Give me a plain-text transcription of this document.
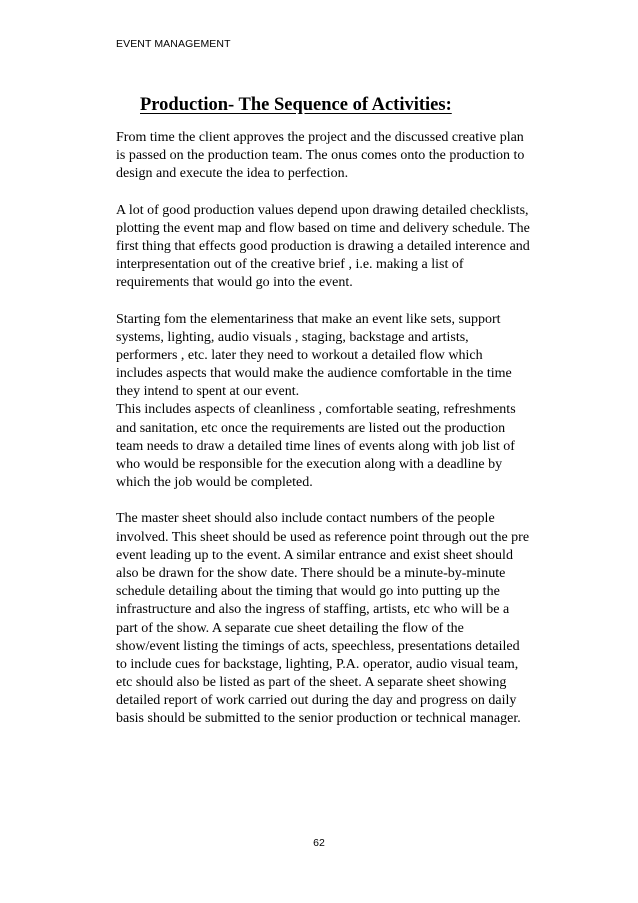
EVENT MANAGEMENT
Production- The Sequence of Activities:
From time the client approves the project and the discussed creative plan
is passed on the production team. The onus comes onto the production to
design and execute the idea to perfection.
A lot of good production values depend upon drawing detailed checklists,
plotting the event map and flow based on time and delivery schedule. The
first thing that effects good production is drawing a detailed interence and
interpresentation out of the creative brief , i.e. making a list of
requirements that would go into the event.
Starting fom the elementariness that make an event like sets, support
systems, lighting, audio visuals , staging, backstage and artists,
performers , etc. later they need to workout a detailed flow which
includes aspects that would make the audience comfortable in the time
they intend to spent at our event.
This includes aspects of cleanliness , comfortable seating, refreshments
and sanitation, etc once the requirements are listed out the production
team needs to draw a detailed time lines of events along with job list of
who would be responsible for the execution along with a deadline by
which the job would be completed.
The master sheet should also include contact numbers of the people
involved. This sheet should be used as reference point through out the pre
event leading up to the event. A similar entrance and exist sheet should
also be drawn for the show date. There should be a minute-by-minute
schedule detailing about the timing that would go into putting up the
infrastructure and also the ingress of staffing, artists, etc who will be a
part of the show. A separate cue sheet detailing the flow of the
show/event listing the timings of acts, speechless, presentations detailed
to include cues for backstage, lighting, P.A. operator, audio visual team,
etc should also be listed as part of the sheet. A separate sheet showing
detailed report of work carried out during the day and progress on daily
basis should be submitted to the senior production or technical manager.
62
